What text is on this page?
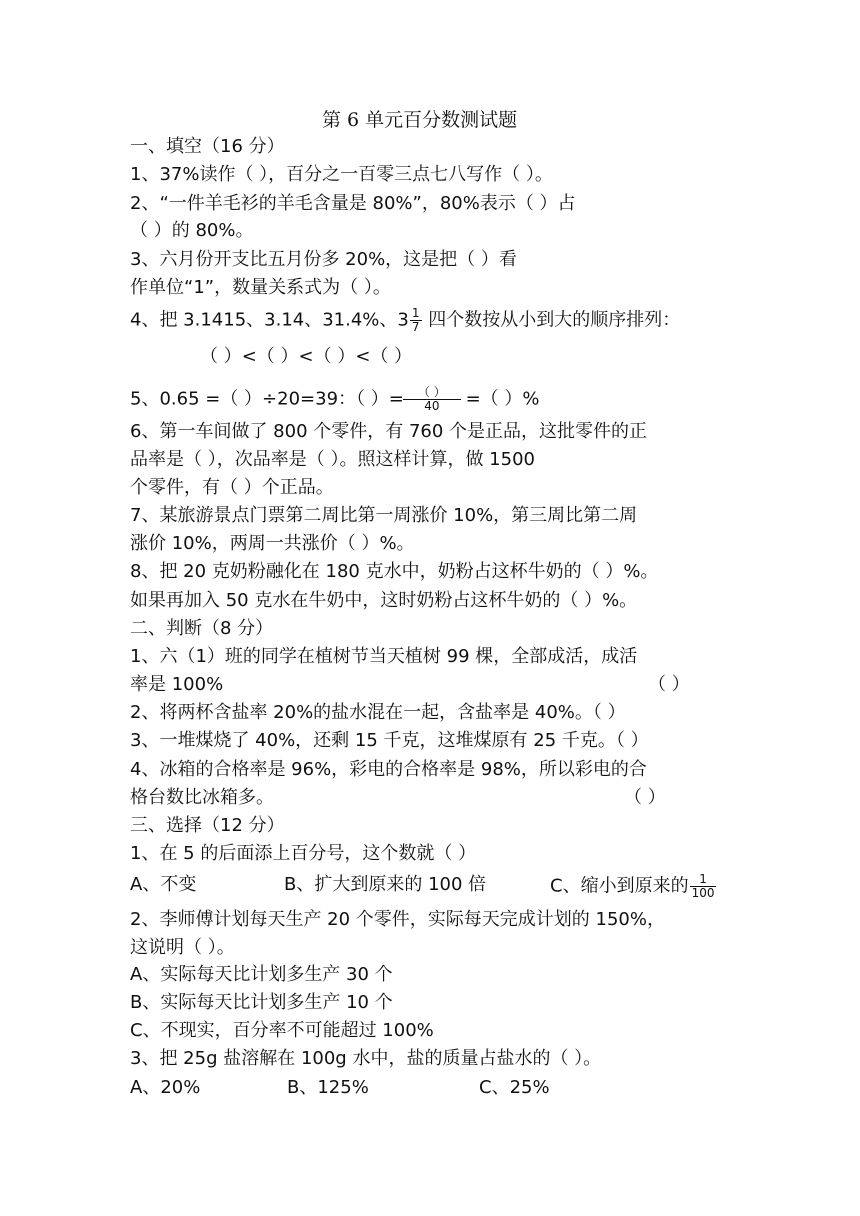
第 6 单元百分数测试题
一、填空（16 分）
1、37%读作（ ），百分之一百零三点七八写作（ ）。
2、“一件羊毛衫的羊毛含量是 80%”，80%表示（ ）占
（ ）的 80%。
3、六月份开支比五月份多 20%，这是把（ ）看
作单位“1”，数量关系式为（ ）。
4、把 3.1415、3.14、31.4%、$3 \frac{1}{7}$ 四个数按从小到大的顺序排列：
（ ）<（ ）<（ ）<（ ）
5、0.65 =（ ）÷20=39：（ ）= $\frac{( )}{40}$ =（ ）%
6、第一车间做了 800 个零件，有 760 个是正品，这批零件的正
品率是（ ），次品率是（ ）。照这样计算，做 1500
个零件，有（ ）个正品。
7、某旅游景点门票第二周比第一周涨价 10%，第三周比第二周
涨价 10%，两周一共涨价（ ）%。
8、把 20 克奶粉融化在 180 克水中，奶粉占这杯牛奶的（ ）%。
如果再加入 50 克水在牛奶中，这时奶粉占这杯牛奶的（ ）%。
二、判断（8 分）
1、六（1）班的同学在植树节当天植树 99 棵，全部成活，成活
率是 100%	（ ）
2、将两杯含盐率 20%的盐水混在一起，含盐率是 40%。（ ）
3、一堆煤烧了 40%，还剩 15 千克，这堆煤原有 25 千克。（ ）
4、冰箱的合格率是 96%，彩电的合格率是 98%，所以彩电的合
格台数比冰箱多。	（ ）
三、选择（12 分）
1、在 5 的后面添上百分号，这个数就（ ）
A、不变	B、扩大到原来的 100 倍	C、缩小到原来的 $\frac{1}{100}$
2、李师傅计划每天生产 20 个零件，实际每天完成计划的 150%，
这说明（ ）。
A、实际每天比计划多生产 30 个
B、实际每天比计划多生产 10 个
C、不现实，百分率不可能超过 100%
3、把 25g 盐溶解在 100g 水中，盐的质量占盐水的（ ）。
A、20%	B、125%	C、25%
